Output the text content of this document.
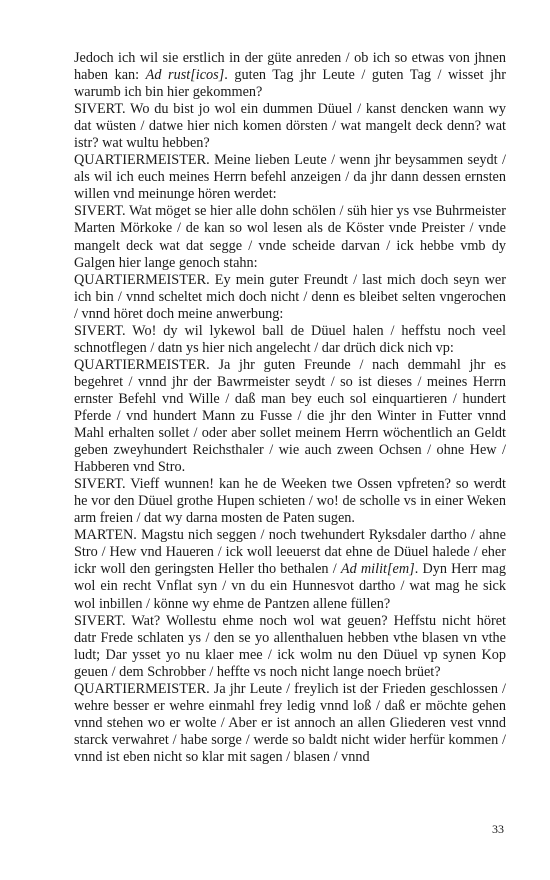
Jedoch ich wil sie erstlich in der güte anreden / ob ich so etwas von jhnen haben kan: Ad rust[icos]. guten Tag jhr Leute / guten Tag / wisset jhr warumb ich bin hier gekommen?

SIVERT. Wo du bist jo wol ein dummen Düuel / kanst dencken wann wy dat wüsten / datwe hier nich komen dörsten / wat mangelt deck denn? wat istr? wat wultu hebben?

QUARTIERMEISTER. Meine lieben Leute / wenn jhr beysammen seydt / als wil ich euch meines Herrn befehl anzeigen / da jhr dann dessen ernsten willen vnd meinunge hören werdet:

SIVERT. Wat möget se hier alle dohn schölen / süh hier ys vse Buhrmeister Marten Mörkoke / de kan so wol lesen als de Köster vnde Preister / vnde mangelt deck wat dat segge / vnde scheide darvan / ick hebbe vmb dy Galgen hier lange genoch stahn:

QUARTIERMEISTER. Ey mein guter Freundt / last mich doch seyn wer ich bin / vnnd scheltet mich doch nicht / denn es bleibet selten vngerochen / vnnd höret doch meine anwerbung:

SIVERT. Wo! dy wil lykewol ball de Düuel halen / heffstu noch veel schnotflegen / datn ys hier nich angelecht / dar drüch dick nich vp:

QUARTIERMEISTER. Ja jhr guten Freunde / nach demmahl jhr es begehret / vnnd jhr der Bawrmeister seydt / so ist dieses / meines Herrn ernster Befehl vnd Wille / daß man bey euch sol einquartieren / hundert Pferde / vnd hundert Mann zu Fusse / die jhr den Winter in Futter vnnd Mahl erhalten sollet / oder aber sollet meinem Herrn wöchentlich an Geldt geben zweyhundert Reichsthaler / wie auch zween Ochsen / ohne Hew / Habberen vnd Stro.

SIVERT. Vieff wunnen! kan he de Weeken twe Ossen vpfreten? so werdt he vor den Düuel grothe Hupen schieten / wo! de scholle vs in einer Weken arm freien / dat wy darna mosten de Paten sugen.

MARTEN. Magstu nich seggen / noch twehundert Ryksdaler dartho / ahne Stro / Hew vnd Haueren / ick woll leeuerst dat ehne de Düuel halede / eher ickr woll den geringsten Heller tho bethalen / Ad milit[em]. Dyn Herr mag wol ein recht Vnflat syn / vn du ein Hunnesvot dartho / wat mag he sick wol inbillen / könne wy ehme de Pantzen allene füllen?

SIVERT. Wat? Wollestu ehme noch wol wat geuen? Heffstu nicht höret datr Frede schlaten ys / den se yo allenthaluen hebben vthe blasen vn vthe ludt; Dar ysset yo nu klaer mee / ick wolm nu den Düuel vp synen Kop geuen / dem Schrobber / heffte vs noch nicht lange noech brüet?

QUARTIERMEISTER. Ja jhr Leute / freylich ist der Frieden geschlossen / wehre besser er wehre einmahl frey ledig vnnd loß / daß er möchte gehen vnnd stehen wo er wolte / Aber er ist annoch an allen Gliederen vest vnnd starck verwahret / habe sorge / werde so baldt nicht wider herfür kommen / vnnd ist eben nicht so klar mit sagen / blasen / vnnd

33
